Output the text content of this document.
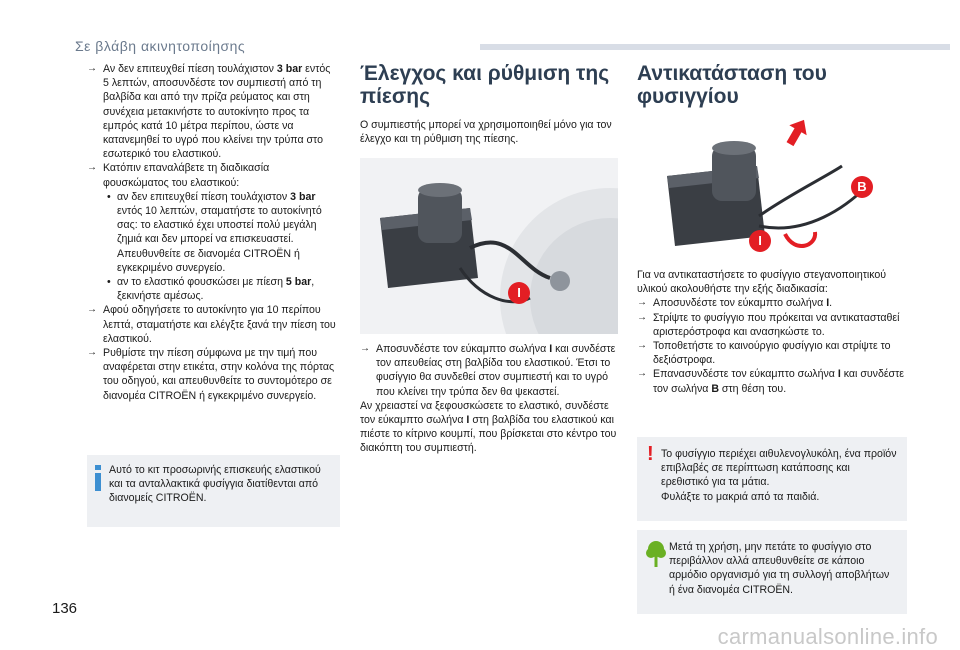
Σε βλάβη ακινητοποίησης

→ Αν δεν επιτευχθεί πίεση τουλάχιστον 3 bar εντός 5 λεπτών, αποσυνδέστε τον συμπιεστή από τη βαλβίδα και από την πρίζα ρεύματος και στη συνέχεια μετακινήστε το αυτοκίνητο προς τα εμπρός κατά 10 μέτρα περίπου, ώστε να κατανεμηθεί το υγρό που κλείνει την τρύπα στο εσωτερικό του ελαστικού.

→ Κατόπιν επαναλάβετε τη διαδικασία φουσκώματος του ελαστικού:

• αν δεν επιτευχθεί πίεση τουλάχιστον 3 bar εντός 10 λεπτών, σταματήστε το αυτοκίνητό σας: το ελαστικό έχει υποστεί πολύ μεγάλη ζημιά και δεν μπορεί να επισκευαστεί. Απευθυνθείτε σε διανομέα CITROËN ή εγκεκριμένο συνεργείο.

• αν το ελαστικό φουσκώσει με πίεση 5 bar, ξεκινήστε αμέσως.

→ Αφού οδηγήσετε το αυτοκίνητο για 10 περίπου λεπτά, σταματήστε και ελέγξτε ξανά την πίεση του ελαστικού.

→ Ρυθμίστε την πίεση σύμφωνα με την τιμή που αναφέρεται στην ετικέτα, στην κολόνα της πόρτας του οδηγού, και απευθυνθείτε το συντομότερο σε διανομέα CITROËN ή εγκεκριμένο συνεργείο.

Αυτό το κιτ προσωρινής επισκευής ελαστικού και τα ανταλλακτικά φυσίγγια διατίθενται από διανομείς CITROËN.
Έλεγχος και ρύθμιση της πίεσης

Ο συμπιεστής μπορεί να χρησιμοποιηθεί μόνο για τον έλεγχο και τη ρύθμιση της πίεσης.

I

→ Αποσυνδέστε τον εύκαμπτο σωλήνα I και συνδέστε τον απευθείας στη βαλβίδα του ελαστικού. Έτσι το φυσίγγιο θα συνδεθεί στον συμπιεστή και το υγρό που κλείνει την τρύπα δεν θα ψεκαστεί.

Αν χρειαστεί να ξεφουσκώσετε το ελαστικό, συνδέστε τον εύκαμπτο σωλήνα I στη βαλβίδα του ελαστικού και πιέστε το κίτρινο κουμπί, που βρίσκεται στο κέντρο του διακόπτη του συμπιεστή.

Αντικατάσταση του φυσιγγίου
B
I

Για να αντικαταστήσετε το φυσίγγιο στεγανοποιητικού υλικού ακολουθήστε την εξής διαδικασία:

→ Αποσυνδέστε τον εύκαμπτο σωλήνα I.

→ Στρίψτε το φυσίγγιο που πρόκειται να αντικατασταθεί αριστερόστροφα και ανασηκώστε το.

→ Τοποθετήστε το καινούργιο φυσίγγιο και στρίψτε το δεξιόστροφα.

→ Επανασυνδέστε τον εύκαμπτο σωλήνα I και συνδέστε τον σωλήνα B στη θέση του.

! Το φυσίγγιο περιέχει αιθυλενογλυκόλη, ένα προϊόν επιβλαβές σε περίπτωση κατάποσης και ερεθιστικό για τα μάτια.
Φυλάξτε το μακριά από τα παιδιά.
Μετά τη χρήση, μην πετάτε το φυσίγγιο στο περιβάλλον αλλά απευθυνθείτε σε κάποιο αρμόδιο οργανισμό για τη συλλογή αποβλήτων ή ένα διανομέα CITROËN.
136
carmanualsonline.info
